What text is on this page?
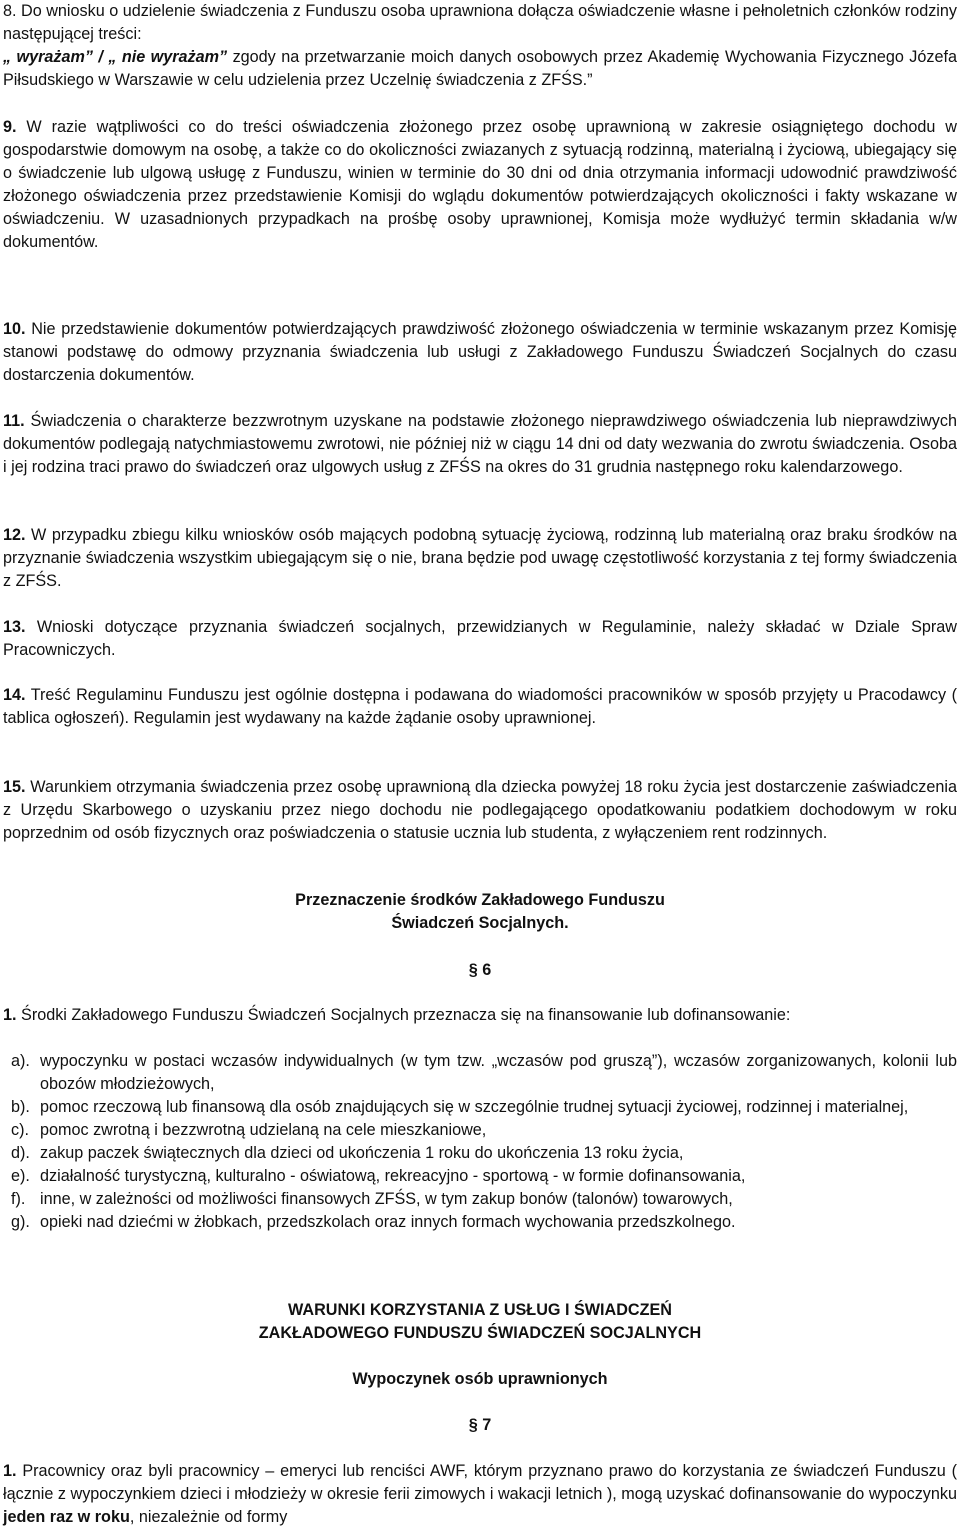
8. Do wniosku o udzielenie świadczenia z Funduszu osoba uprawniona dołącza oświadczenie własne i pełnoletnich członków rodziny następującej treści:
„ wyrażam” / „ nie wyrażam” zgody na przetwarzanie moich danych osobowych przez Akademię Wychowania Fizycznego Józefa Piłsudskiego w Warszawie w celu udzielenia przez Uczelnię świadczenia z ZFŚS.”

9. W razie wątpliwości co do treści oświadczenia złożonego przez osobę uprawnioną w zakresie osiągniętego dochodu w gospodarstwie domowym na osobę, a także co do okoliczności zwiazanych z sytuacją rodzinną, materialną i życiową, ubiegający się o świadczenie lub ulgową usługę z Funduszu, winien w terminie do 30 dni od dnia otrzymania informacji udowodnić prawdziwość złożonego oświadczenia przez przedstawienie Komisji do wglądu dokumentów potwierdzających okoliczności i fakty wskazane w oświadczeniu. W uzasadnionych przypadkach na prośbę osoby uprawnionej, Komisja może wydłużyć termin składania w/w dokumentów.

10. Nie przedstawienie dokumentów potwierdzających prawdziwość złożonego oświadczenia w terminie wskazanym przez Komisję stanowi podstawę do odmowy przyznania świadczenia lub usługi z Zakładowego Funduszu Świadczeń Socjalnych do czasu dostarczenia dokumentów.

11. Świadczenia o charakterze bezzwrotnym uzyskane na podstawie złożonego nieprawdziwego oświadczenia lub nieprawdziwych dokumentów podlegają natychmiastowemu zwrotowi, nie później niż w ciągu 14 dni od daty wezwania do zwrotu świadczenia. Osoba i jej rodzina traci prawo do świadczeń oraz ulgowych usług z ZFŚS na okres do 31 grudnia następnego roku kalendarzowego.

12. W przypadku zbiegu kilku wniosków osób mających podobną sytuację życiową, rodzinną lub materialną oraz braku środków na przyznanie świadczenia wszystkim ubiegającym się o nie, brana będzie pod uwagę częstotliwość korzystania z tej formy świadczenia z ZFŚS.

13. Wnioski dotyczące przyznania świadczeń socjalnych, przewidzianych w Regulaminie, należy składać w Dziale Spraw Pracowniczych.

14. Treść Regulaminu Funduszu jest ogólnie dostępna i podawana do wiadomości pracowników w sposób przyjęty u Pracodawcy ( tablica ogłoszeń). Regulamin jest wydawany na każde żądanie osoby uprawnionej.

15. Warunkiem otrzymania świadczenia przez osobę uprawnioną dla dziecka powyżej 18 roku życia jest dostarczenie zaświadczenia z Urzędu Skarbowego o uzyskaniu przez niego dochodu nie podlegającego opodatkowaniu podatkiem dochodowym w roku poprzednim od osób fizycznych oraz poświadczenia o statusie ucznia lub studenta, z wyłączeniem rent rodzinnych.

Przeznaczenie środków Zakładowego Funduszu

Świadczeń Socjalnych.

§ 6

1. Środki Zakładowego Funduszu Świadczeń Socjalnych przeznacza się na finansowanie lub dofinansowanie:

a). wypoczynku w postaci wczasów indywidualnych (w tym tzw. „wczasów pod gruszą”), wczasów zorganizowanych, kolonii lub obozów młodzieżowych,
b). pomoc rzeczową lub finansową dla osób znajdujących się w szczególnie trudnej sytuacji życiowej, rodzinnej i materialnej,
c). pomoc zwrotną i bezzwrotną udzielaną na cele mieszkaniowe,
d). zakup paczek świątecznych dla dzieci od ukończenia 1 roku do ukończenia 13 roku życia,
e). działalność turystyczną, kulturalno - oświatową, rekreacyjno - sportową - w formie dofinansowania,
f). inne, w zależności od możliwości finansowych ZFŚS, w tym zakup bonów (talonów) towarowych,
g). opieki nad dziećmi w żłobkach, przedszkolach oraz innych formach wychowania przedszkolnego.

WARUNKI KORZYSTANIA Z USŁUG I ŚWIADCZEŃ

ZAKŁADOWEGO FUNDUSZU ŚWIADCZEŃ SOCJALNYCH

Wypoczynek osób uprawnionych

§ 7

1. Pracownicy oraz byli pracownicy – emeryci lub renciści AWF, którym przyznano prawo do korzystania ze świadczeń Funduszu ( łącznie z wypoczynkiem dzieci i młodzieży w okresie ferii zimowych i wakacji letnich ), mogą uzyskać dofinansowanie do wypoczynku jeden raz w roku, niezależnie od formy
